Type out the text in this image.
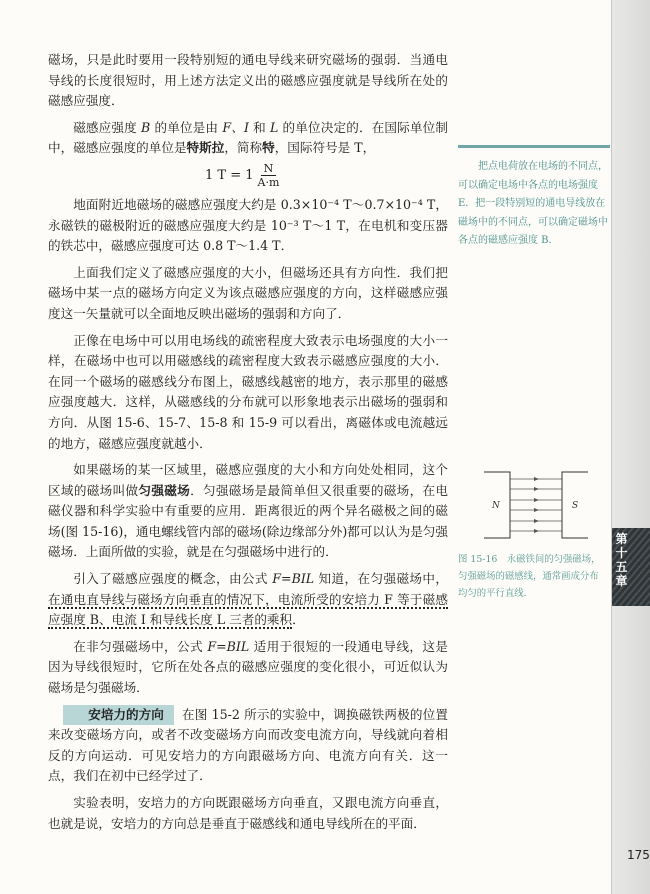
磁场，只是此时要用一段特别短的通电导线来研究磁场的强弱．当通电导线的长度很短时，用上述方法定义出的磁感应强度就是导线所在处的磁感应强度．

磁感应强度 B 的单位是由 F、I 和 L 的单位决定的．在国际单位制中，磁感应强度的单位是特斯拉，简称特，国际符号是 T，

地面附近地磁场的磁感应强度大约是 0.3×10⁻⁴ T～0.7×10⁻⁴ T，永磁铁的磁极附近的磁感应强度大约是 10⁻³ T～1 T，在电机和变压器的铁芯中，磁感应强度可达 0.8 T～1.4 T．

上面我们定义了磁感应强度的大小，但磁场还具有方向性．我们把磁场中某一点的磁场方向定义为该点磁感应强度的方向，这样磁感应强度这一矢量就可以全面地反映出磁场的强弱和方向了．

正像在电场中可以用电场线的疏密程度大致表示电场强度的大小一样，在磁场中也可以用磁感线的疏密程度大致表示磁感应强度的大小．在同一个磁场的磁感线分布图上，磁感线越密的地方，表示那里的磁感应强度越大．这样，从磁感线的分布就可以形象地表示出磁场的强弱和方向．从图 15-6、15-7、15-8 和 15-9 可以看出，离磁体或电流越远的地方，磁感应强度就越小．

如果磁场的某一区域里，磁感应强度的大小和方向处处相同，这个区域的磁场叫做匀强磁场．匀强磁场是最简单但又很重要的磁场，在电磁仪器和科学实验中有重要的应用．距离很近的两个异名磁极之间的磁场(图 15-16)，通电螺线管内部的磁场(除边缘部分外)都可以认为是匀强磁场．上面所做的实验，就是在匀强磁场中进行的．

引入了磁感应强度的概念，由公式 F=BIL 知道，在匀强磁场中，在通电直导线与磁场方向垂直的情况下，电流所受的安培力 F 等于磁感应强度 B、电流 I 和导线长度 L 三者的乘积．

在非匀强磁场中，公式 F=BIL 适用于很短的一段通电导线，这是因为导线很短时，它所在处各点的磁感应强度的变化很小，可近似认为磁场是匀强磁场．

安培力的方向 在图 15-2 所示的实验中，调换磁铁两极的位置来改变磁场方向，或者不改变磁场方向而改变电流方向，导线就向着相反的方向运动．可见安培力的方向跟磁场方向、电流方向有关．这一点，我们在初中已经学过了．

实验表明，安培力的方向既跟磁场方向垂直，又跟电流方向垂直，也就是说，安培力的方向总是垂直于磁感线和通电导线所在的平面．

1 $T = 1 \frac{N}{A\cdot m}$	把点电荷放在电场的不同点，可以确定电场中各点的电场强度 E．把一段特别短的通电导线放在磁场中的不同点，可以确定磁场中各点的磁感应强度 B．

N	S
图 15-16　永磁铁间的匀强磁场，匀强磁场的磁感线，通常画成分布均匀的平行直线．
第十五章
175
